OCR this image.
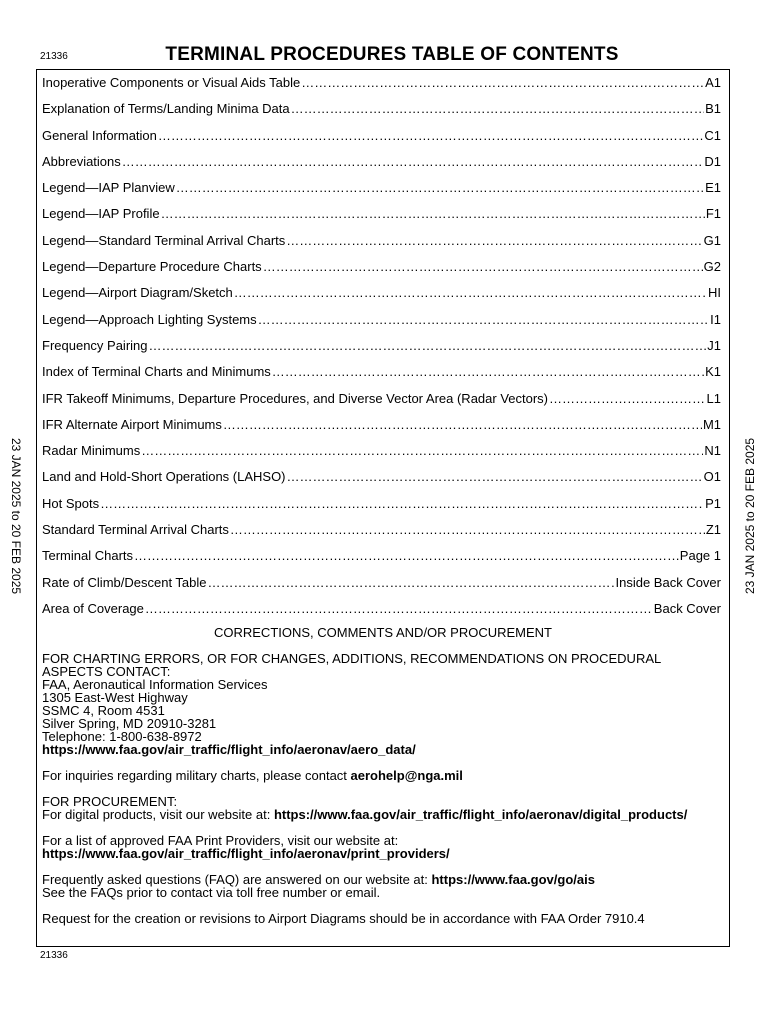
21336	TERMINAL PROCEDURES TABLE OF CONTENTS
23 JAN 2025 to 20 FEB 2025	23 JAN 2025 to 20 FEB 2025
Inoperative Components or Visual Aids Table …………………………………………………………………………………………………………………………………………………………………………………………………………………………………………	A1
Explanation of Terms/Landing Minima Data …………………………………………………………………………………………………………………………………………………………………………………………………………………………………………	B1
General Information …………………………………………………………………………………………………………………………………………………………………………………………………………………………………………	C1
Abbreviations …………………………………………………………………………………………………………………………………………………………………………………………………………………………………………	D1
Legend—IAP Planview …………………………………………………………………………………………………………………………………………………………………………………………………………………………………………	E1
Legend—IAP Profile …………………………………………………………………………………………………………………………………………………………………………………………………………………………………………	F1
Legend—Standard Terminal Arrival Charts …………………………………………………………………………………………………………………………………………………………………………………………………………………………………………	G1
Legend—Departure Procedure Charts …………………………………………………………………………………………………………………………………………………………………………………………………………………………………………	G2
Legend—Airport Diagram/Sketch …………………………………………………………………………………………………………………………………………………………………………………………………………………………………………	HI
Legend—Approach Lighting Systems …………………………………………………………………………………………………………………………………………………………………………………………………………………………………………	I1
Frequency Pairing …………………………………………………………………………………………………………………………………………………………………………………………………………………………………………	J1
Index of Terminal Charts and Minimums …………………………………………………………………………………………………………………………………………………………………………………………………………………………………………	K1
IFR Takeoff Minimums, Departure Procedures, and Diverse Vector Area (Radar Vectors) …………………………………………………………………………………………………………………………………………………………………………………………………………………………………………	L1
IFR Alternate Airport Minimums …………………………………………………………………………………………………………………………………………………………………………………………………………………………………………	M1
Radar Minimums …………………………………………………………………………………………………………………………………………………………………………………………………………………………………………	N1
Land and Hold-Short Operations (LAHSO) …………………………………………………………………………………………………………………………………………………………………………………………………………………………………………	O1
Hot Spots …………………………………………………………………………………………………………………………………………………………………………………………………………………………………………	P1
Standard Terminal Arrival Charts …………………………………………………………………………………………………………………………………………………………………………………………………………………………………………	Z1
Terminal Charts …………………………………………………………………………………………………………………………………………………………………………………………………………………………………………	Page 1
Rate of Climb/Descent Table …………………………………………………………………………………………………………………………………………………………………………………………………………………………………………	Inside Back Cover
Area of Coverage …………………………………………………………………………………………………………………………………………………………………………………………………………………………………………	Back Cover
CORRECTIONS, COMMENTS AND/OR PROCUREMENT

FOR CHARTING ERRORS, OR FOR CHANGES, ADDITIONS, RECOMMENDATIONS ON PROCEDURAL ASPECTS CONTACT:
FAA, Aeronautical Information Services
1305 East-West Highway
SSMC 4, Room 4531
Silver Spring, MD 20910-3281
Telephone: 1-800-638-8972
https://www.faa.gov/air_traffic/flight_info/aeronav/aero_data/

For inquiries regarding military charts, please contact aerohelp@nga.mil

FOR PROCUREMENT:
For digital products, visit our website at: https://www.faa.gov/air_traffic/flight_info/aeronav/digital_products/

For a list of approved FAA Print Providers, visit our website at:
https://www.faa.gov/air_traffic/flight_info/aeronav/print_providers/

Frequently asked questions (FAQ) are answered on our website at: https://www.faa.gov/go/ais
See the FAQs prior to contact via toll free number or email.

Request for the creation or revisions to Airport Diagrams should be in accordance with FAA Order 7910.4

21336
